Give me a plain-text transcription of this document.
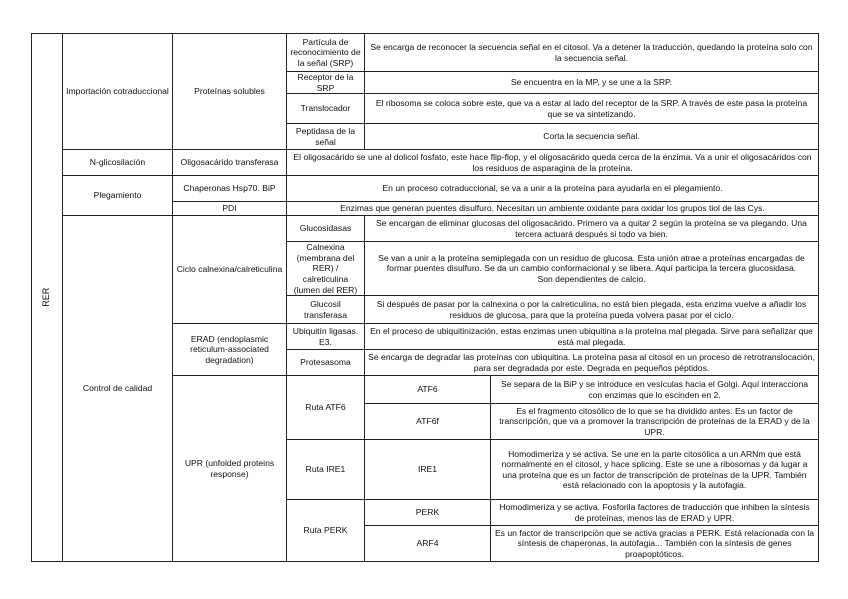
RER	Importación cotraduccional	Proteínas solubles	Partícula de reconocimiento de la señal (SRP)	Se encarga de reconocer la secuencia señal en el citosol. Va a detener la traducción, quedando la proteína solo con la secuencia señal.	
			Receptor de la SRP	Se encuentra en la MP, y se une a la SRP.	
			Translocador	El ribosoma se coloca sobre este, que va a estar al lado del receptor de la SRP. A través de este pasa la proteína que se va sintetizando.	
			Peptidasa de la señal	Corta la secuencia señal.	
	N-glicosilación	Oligosacárido transferasa	El oligosacárido se une al dolicol fosfato, este hace flip-flop, y el oligosacárido queda cerca de la enzima. Va a unir el oligosacáridos con los residuos de asparagina de la proteína.		
	Plegamiento	Chaperonas Hsp70. BiP	En un proceso cotraduccional, se va a unir a la proteína para ayudarla en el plegamiento.		
		PDI	Enzimas que generan puentes disulfuro. Necesitan un ambiente oxidante para oxidar los grupos tiol de las Cys.		
	Control de calidad	Ciclo calnexina/calreticulina	Glucosidasas	Se encargan de eliminar glucosas del oligosacárido. Primero va a quitar 2 según la proteína se va plegando. Una tercera actuará después si todo va bien.	
			Calnexina (membrana del RER) / calreticulina (lumen del RER)	Se van a unir a la proteína semiplegada con un residuo de glucosa. Esta unión atrae a proteínas encargadas de formar puentes disulfuro. Se da un cambio conformacional y se libera. Aquí participa la tercera glucosidasa.
Son dependientes de calcio.	
			Glucosil transferasa	Si después de pasar por la calnexina o por la calreticulina, no está bien plegada, esta enzima vuelve a añadir los residuos de glucosa, para que la proteína pueda volvera pasar por el ciclo.	
		ERAD (endoplasmic reticulum-associated degradation)	Ubiquitín ligasas. E3.	En el proceso de ubiquitinización, estas enzimas unen ubiquitina a la proteína mal plegada. Sirve para señalizar que está mal plegada.	
			Protesasoma	Se encarga de degradar las proteínas con ubiquitina. La proteína pasa al citosol en un proceso de retrotranslocación, para ser degradada por este. Degrada en pequeños péptidos.	
		UPR (unfolded proteins response)	Ruta ATF6	ATF6	Se separa de la BiP y se introduce en vesículas hacia el Golgi. Aquí interacciona con enzimas que lo escinden en 2.
				ATF6f	Es el fragmento citosólico de lo que se ha dividido antes. Es un factor de transcripción, que va a promover la transcripción de proteínas de la ERAD y de la UPR.
			Ruta IRE1	IRE1	Homodimeriza y se activa. Se une en la parte citosólica a un ARNm que está normalmente en el citosol, y hace splicing. Este se une a ribosomas y da lugar a una proteína que es un factor de transcripción de proteínas de la UPR. También está relacionado con la apoptosis y la autofagia.
			Ruta PERK	PERK	Homodimeriza y se activa. Fosforila factores de traducción que inhiben la síntesis de proteínas, menos las de ERAD y UPR.
				ARF4	Es un factor de transcripción que se activa gracias a PERK. Está relacionada con la síntesis de chaperonas, la autofagia... También con la síntesis de genes proapoptóticos.
